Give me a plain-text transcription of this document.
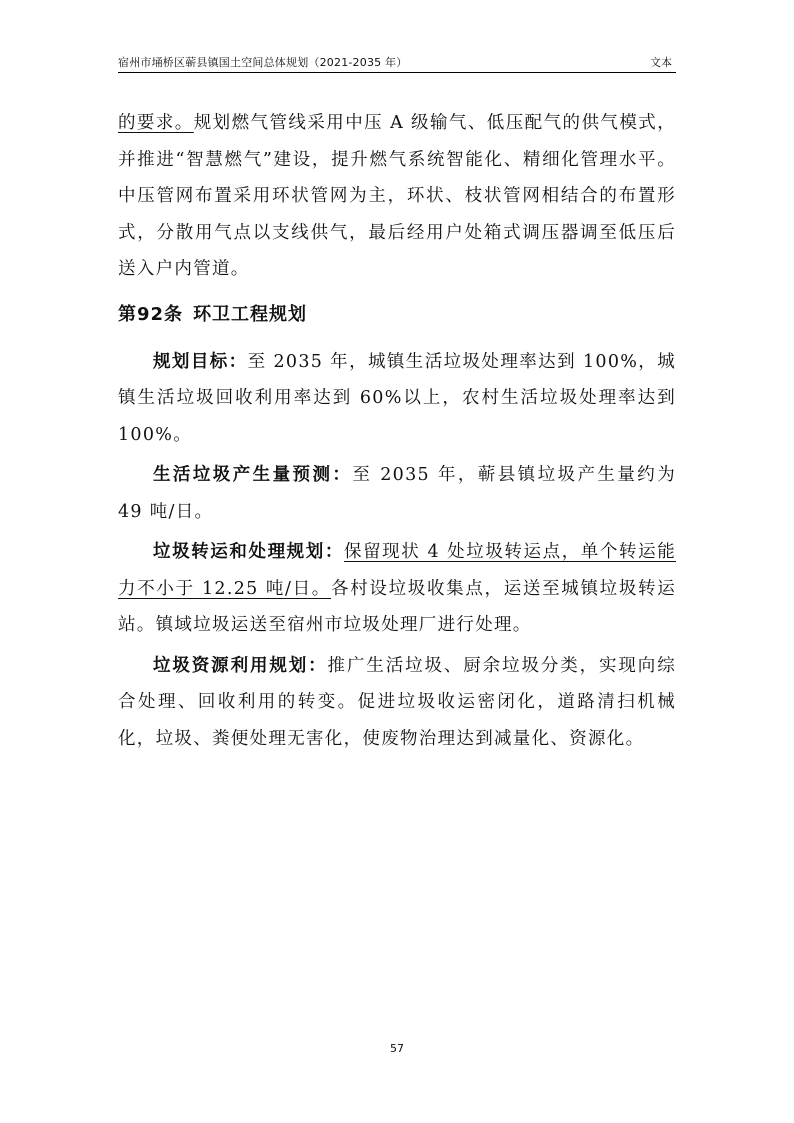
宿州市埇桥区蕲县镇国土空间总体规划（2021-2035 年）	文本

的要求。规划燃气管线采用中压 A 级输气、低压配气的供气模式，并推进“智慧燃气”建设，提升燃气系统智能化、精细化管理水平。中压管网布置采用环状管网为主，环状、枝状管网相结合的布置形式，分散用气点以支线供气，最后经用户处箱式调压器调至低压后送入户内管道。

第92条 环卫工程规划

规划目标：至 2035 年，城镇生活垃圾处理率达到 100%，城镇生活垃圾回收利用率达到 60%以上，农村生活垃圾处理率达到 100%。

生活垃圾产生量预测：至 2035 年，蕲县镇垃圾产生量约为 49 吨/日。

垃圾转运和处理规划：保留现状 4 处垃圾转运点，单个转运能力不小于 12.25 吨/日。各村设垃圾收集点，运送至城镇垃圾转运站。镇域垃圾运送至宿州市垃圾处理厂进行处理。

垃圾资源利用规划：推广生活垃圾、厨余垃圾分类，实现向综合处理、回收利用的转变。促进垃圾收运密闭化，道路清扫机械化，垃圾、粪便处理无害化，使废物治理达到减量化、资源化。

57
